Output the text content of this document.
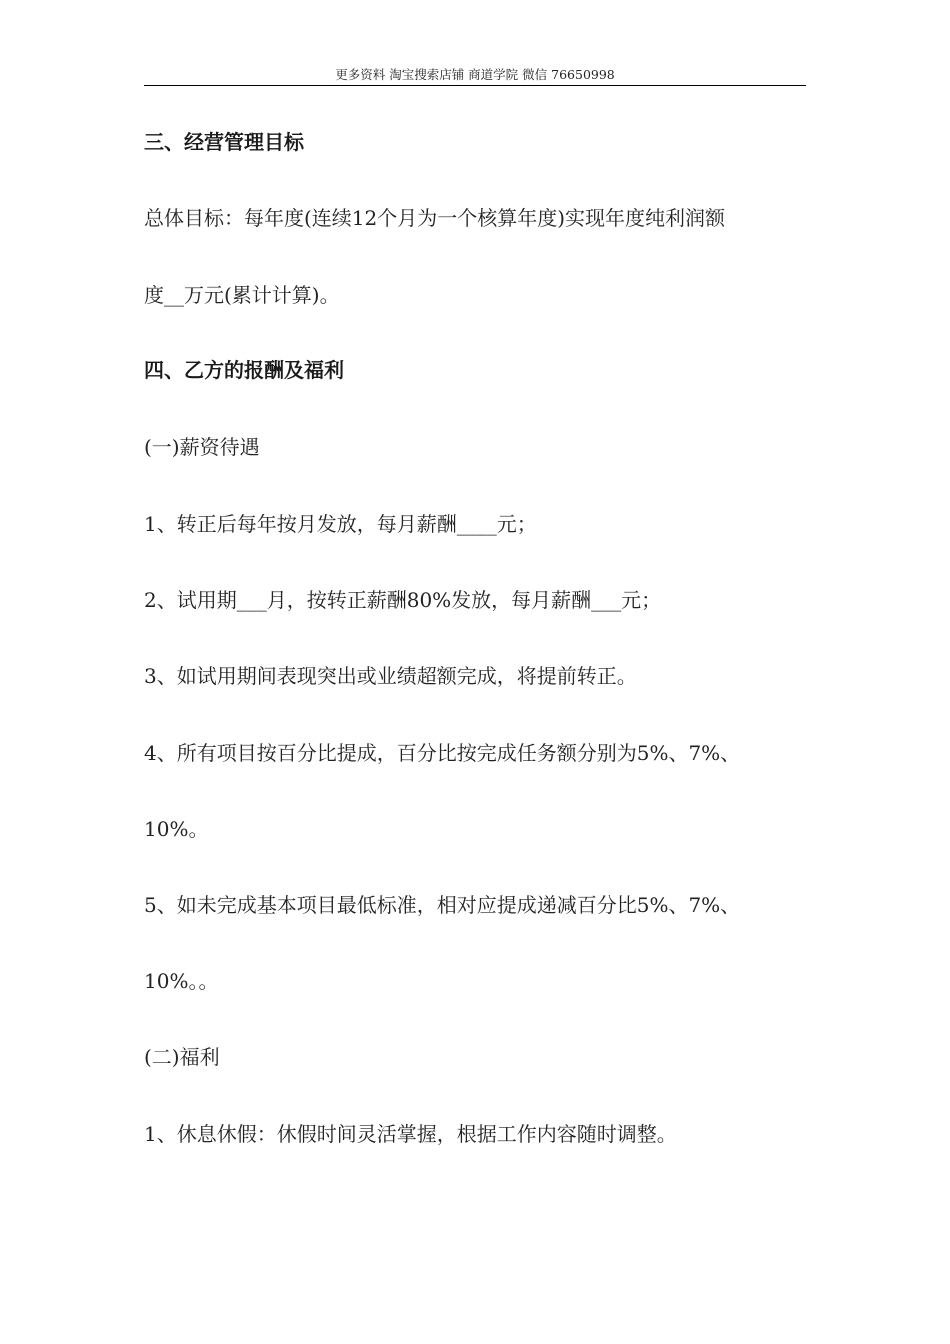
更多资料 淘宝搜索店铺 商道学院 微信 76650998
三、经营管理目标
总体目标：每年度(连续12个月为一个核算年度)实现年度纯利润额
度__万元(累计计算)。
四、乙方的报酬及福利
(一)薪资待遇
1、转正后每年按月发放，每月薪酬____元；
2、试用期___月，按转正薪酬80%发放，每月薪酬___元；
3、如试用期间表现突出或业绩超额完成，将提前转正。
4、所有项目按百分比提成，百分比按完成任务额分别为5%、7%、
10%。
5、如未完成基本项目最低标准，相对应提成递减百分比5%、7%、
10%。。
(二)福利
1、休息休假：休假时间灵活掌握，根据工作内容随时调整。
